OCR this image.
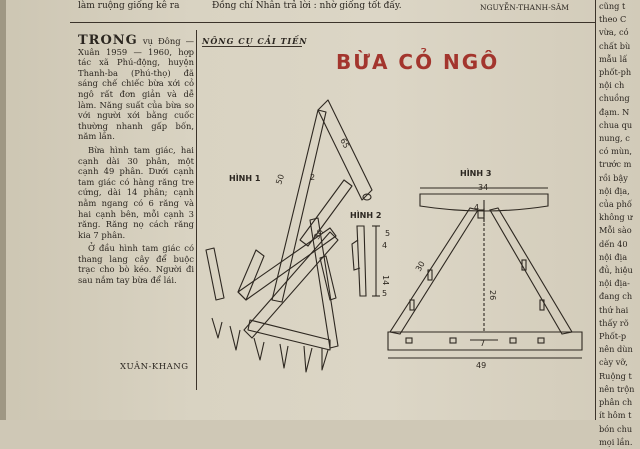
làm ruộng giống kê ra	Đồng chí Nhân trả lời : nhờ giống tốt đấy.	NGUYỄN-THANH-SÂM

TRONG vụ Đông — Xuân 1959 — 1960, hợp tác xã Phú-động, huyện Thanh-ba (Phú-thọ) đã sáng chế chiếc bừa xới cỏ ngô rất đơn giản và dễ làm. Năng suất của bừa so với người xới bằng cuốc thường nhanh gấp bốn, năm lần.

Bừa hình tam giác, hai cạnh dài 30 phân, một cạnh 49 phân. Dưới cạnh tam giác có hàng răng tre cứng, dài 14 phân; cạnh nằm ngang có 6 răng và hai cạnh bên, mỗi cạnh 3 răng. Răng nọ cách răng kia 7 phân.

Ở đầu hình tam giác có thang lang cây để buộc trạc cho bò kéo. Người đi sau nắm tay bừa để lái.

XUÂN-KHANG
NÔNG CỤ CẢI TIẾN
BỪA CỎ NGÔ
HÌNH 1
HÌNH 2
HÌNH 3
65
50	2
30	5
4
14
5
34
4
30
26
7
49
cũng t
theo C
vừa, có
chất bù
mẫu lấ
phốt-ph
nội ch
chuồng
đạm. N
chua qu
nung, c
có mùn,
trước m
rồi bậy
nội địa,
của phố
không ư
Mỗi sào
dến 40
nội địa
đủ, hiệu
nội địa-
đang ch
thứ hai
thấy rõ
Phốt-p
nên dùn
cày vỡ,
Ruộng t
nên trộn
phân ch
ít hôm t
bón chu
mọi lần.
